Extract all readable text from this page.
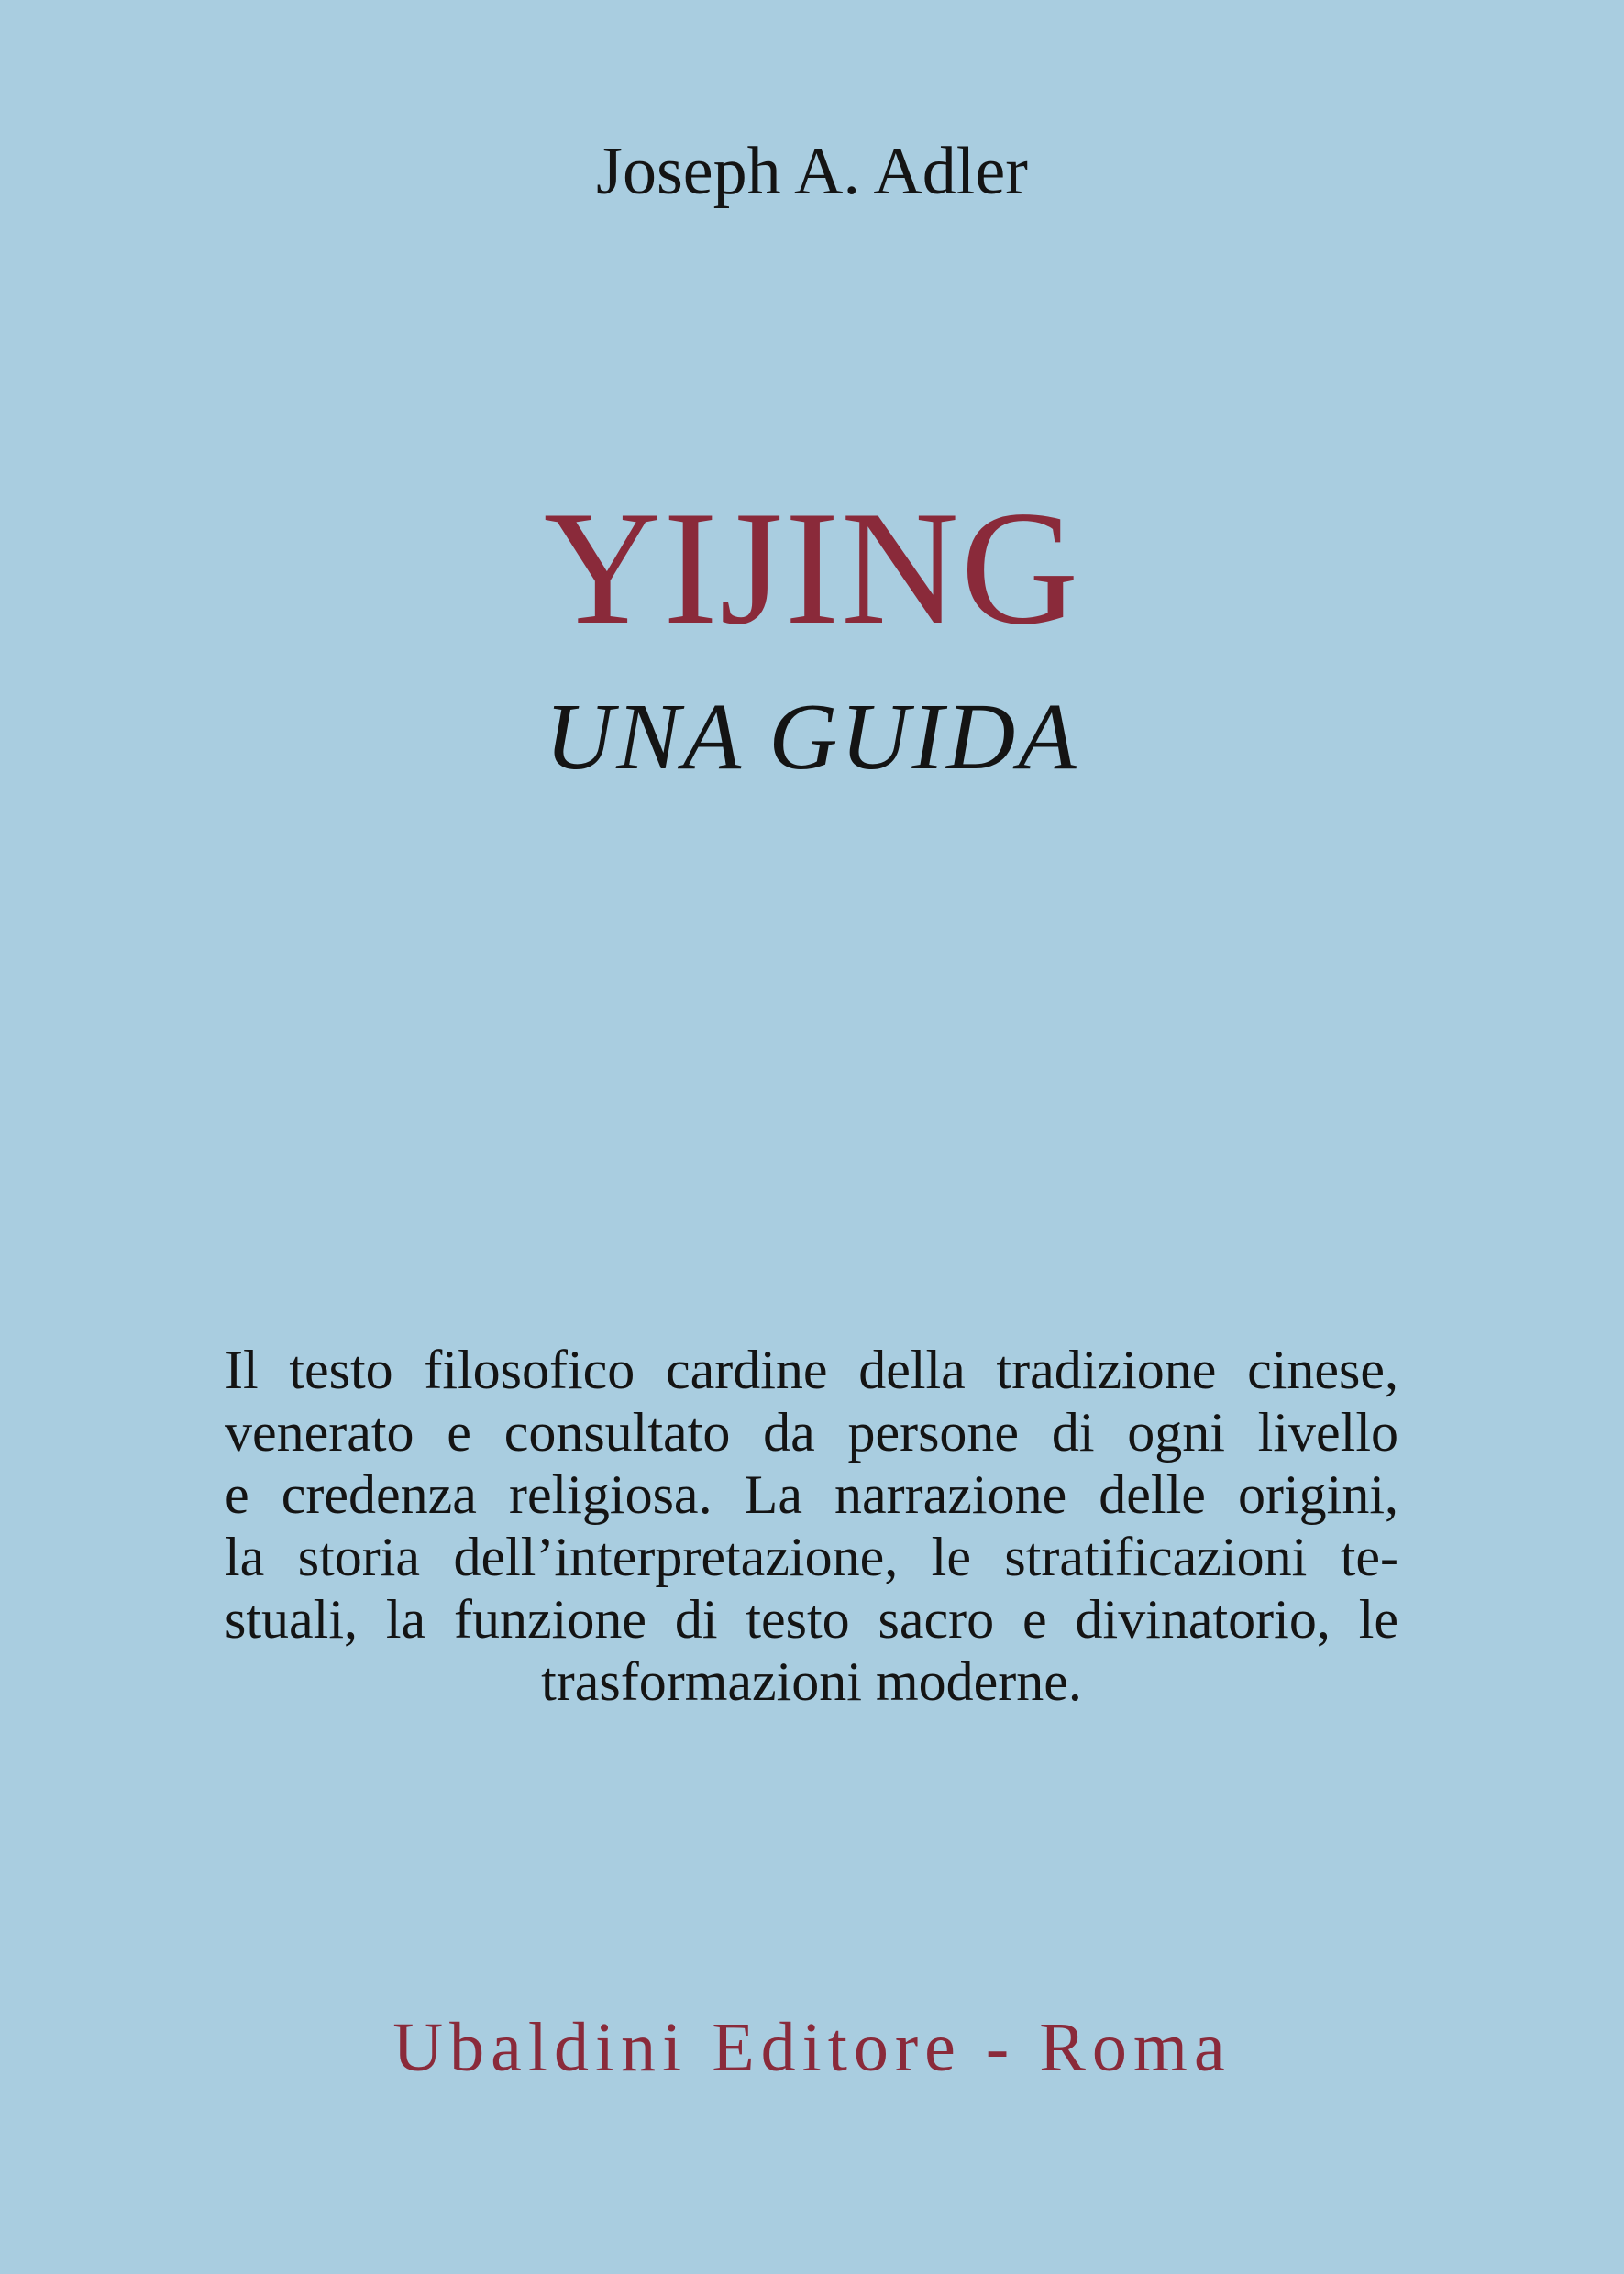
Joseph A. Adler
YIJING
UNA GUIDA
Il testo filosofico cardine della tradizione cinese,
venerato e consultato da persone di ogni livello
e credenza religiosa. La narrazione delle origini,
la storia dell’interpretazione, le stratificazioni te-
stuali, la funzione di testo sacro e divinatorio, le
trasformazioni moderne.
Ubaldini Editore - Roma
